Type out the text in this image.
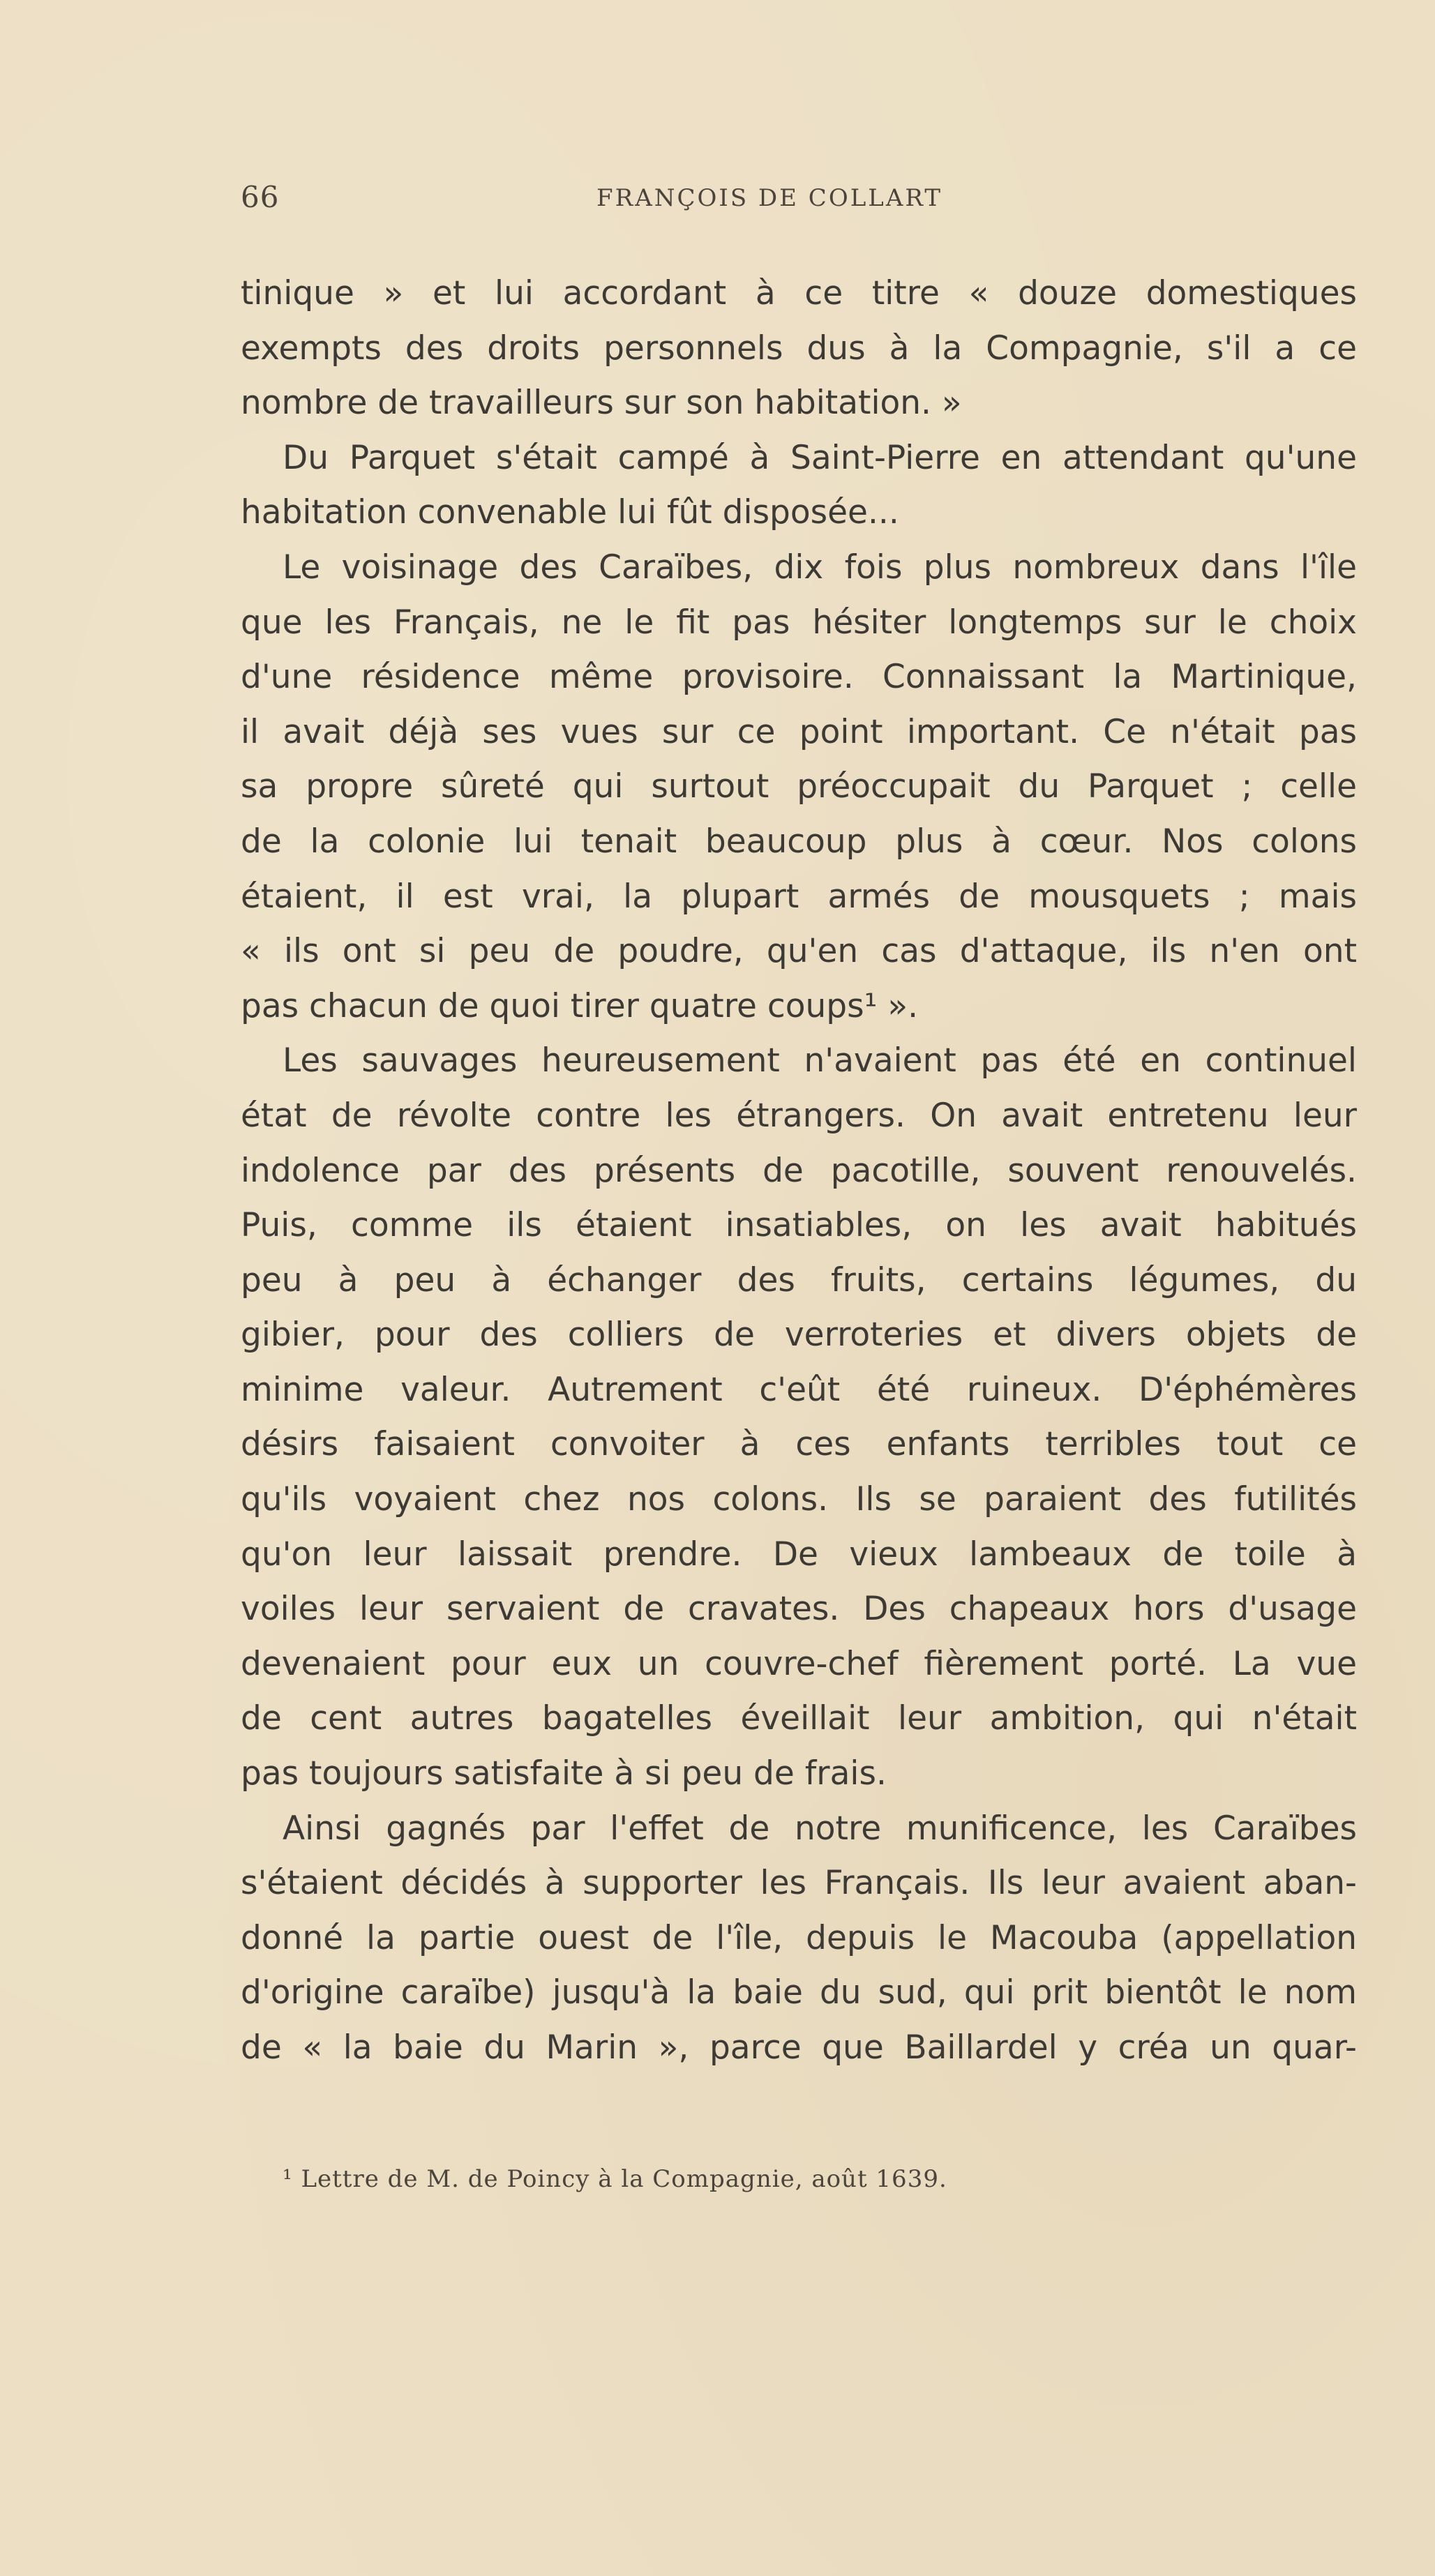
66	FRANÇOIS DE COLLART
tinique » et lui accordant à ce titre « douze domestiques
exempts des droits personnels dus à la Compagnie, s'il a ce
nombre de travailleurs sur son habitation. »
Du Parquet s'était campé à Saint-Pierre en attendant qu'une
habitation convenable lui fût disposée...
Le voisinage des Caraïbes, dix fois plus nombreux dans l'île
que les Français, ne le fit pas hésiter longtemps sur le choix
d'une résidence même provisoire. Connaissant la Martinique,
il avait déjà ses vues sur ce point important. Ce n'était pas
sa propre sûreté qui surtout préoccupait du Parquet ; celle
de la colonie lui tenait beaucoup plus à cœur. Nos colons
étaient, il est vrai, la plupart armés de mousquets ; mais
« ils ont si peu de poudre, qu'en cas d'attaque, ils n'en ont
pas chacun de quoi tirer quatre coups¹ ».
Les sauvages heureusement n'avaient pas été en continuel
état de révolte contre les étrangers. On avait entretenu leur
indolence par des présents de pacotille, souvent renouvelés.
Puis, comme ils étaient insatiables, on les avait habitués
peu à peu à échanger des fruits, certains légumes, du
gibier, pour des colliers de verroteries et divers objets de
minime valeur. Autrement c'eût été ruineux. D'éphémères
désirs faisaient convoiter à ces enfants terribles tout ce
qu'ils voyaient chez nos colons. Ils se paraient des futilités
qu'on leur laissait prendre. De vieux lambeaux de toile à
voiles leur servaient de cravates. Des chapeaux hors d'usage
devenaient pour eux un couvre-chef fièrement porté. La vue
de cent autres bagatelles éveillait leur ambition, qui n'était
pas toujours satisfaite à si peu de frais.
Ainsi gagnés par l'effet de notre munificence, les Caraïbes
s'étaient décidés à supporter les Français. Ils leur avaient aban-
donné la partie ouest de l'île, depuis le Macouba (appellation
d'origine caraïbe) jusqu'à la baie du sud, qui prit bientôt le nom
de « la baie du Marin », parce que Baillardel y créa un quar-
¹ Lettre de M. de Poincy à la Compagnie, août 1639.
